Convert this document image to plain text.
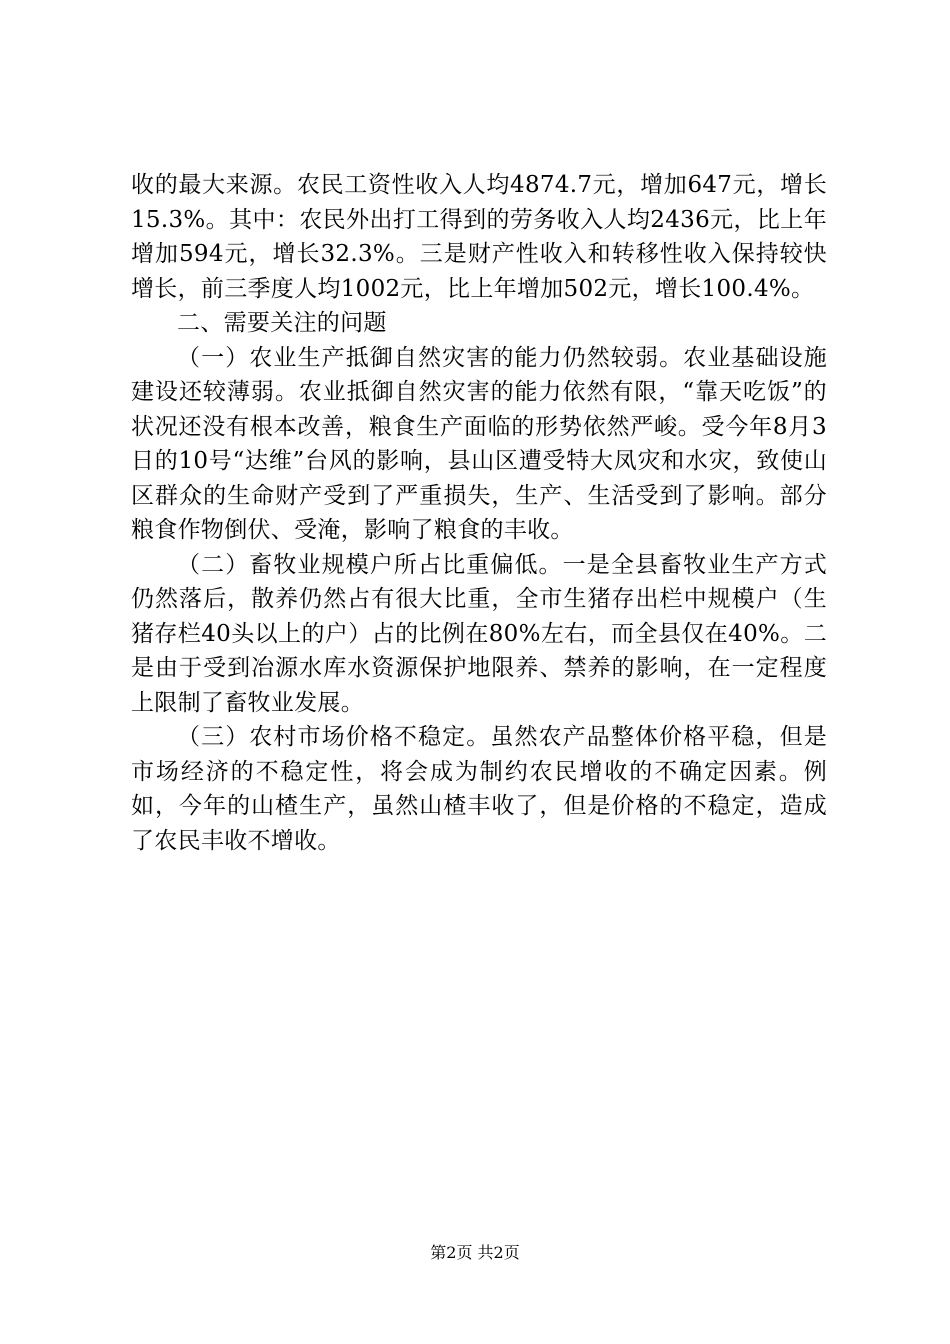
收的最大来源。农民工资性收入人均4874.7元，增加647元，增长15.3%。其中：农民外出打工得到的劳务收入人均2436元，比上年增加594元，增长32.3%。三是财产性收入和转移性收入保持较快增长，前三季度人均1002元，比上年增加502元，增长100.4%。

二、需要关注的问题

（一）农业生产抵御自然灾害的能力仍然较弱。农业基础设施建设还较薄弱。农业抵御自然灾害的能力依然有限，“靠天吃饭”的状况还没有根本改善，粮食生产面临的形势依然严峻。受今年8月3日的10号“达维”台风的影响，县山区遭受特大凤灾和水灾，致使山区群众的生命财产受到了严重损失，生产、生活受到了影响。部分粮食作物倒伏、受淹，影响了粮食的丰收。

（二）畜牧业规模户所占比重偏低。一是全县畜牧业生产方式仍然落后，散养仍然占有很大比重，全市生猪存出栏中规模户（生猪存栏40头以上的户）占的比例在80%左右，而全县仅在40%。二是由于受到冶源水库水资源保护地限养、禁养的影响，在一定程度上限制了畜牧业发展。

（三）农村市场价格不稳定。虽然农产品整体价格平稳，但是市场经济的不稳定性，将会成为制约农民增收的不确定因素。例如，今年的山楂生产，虽然山楂丰收了，但是价格的不稳定，造成了农民丰收不增收。

第2页 共2页
